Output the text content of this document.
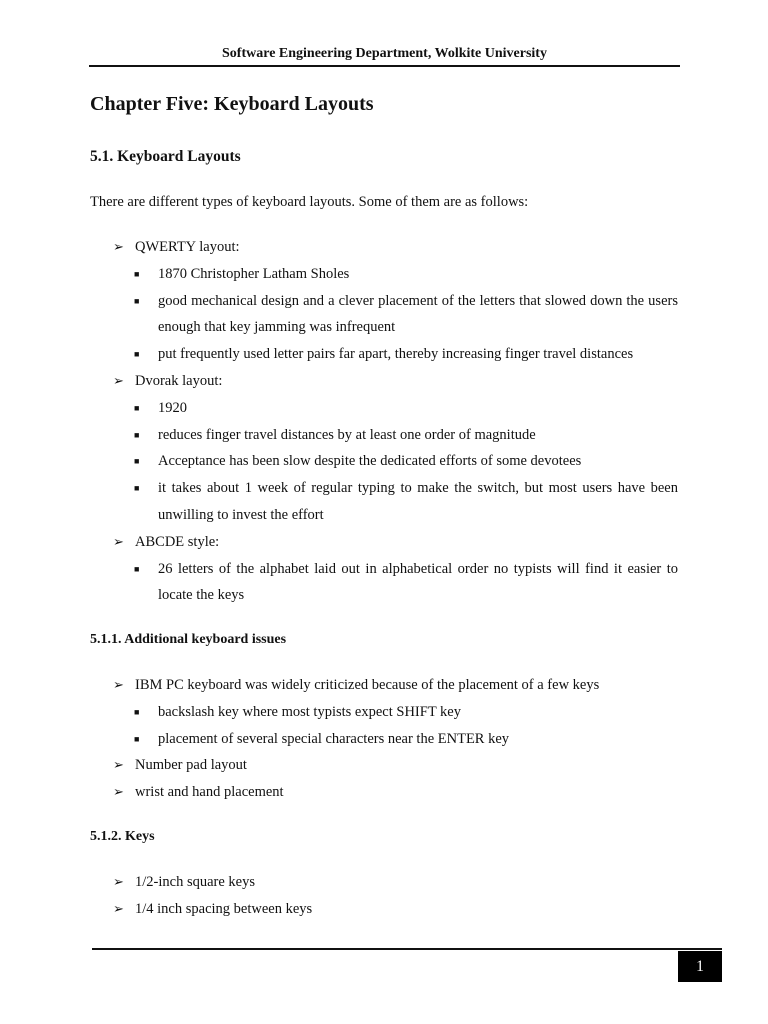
Software Engineering Department, Wolkite University
Chapter Five: Keyboard Layouts
5.1. Keyboard Layouts

There are different types of keyboard layouts. Some of them are as follows:

➢ QWERTY layout:
■ 1870 Christopher Latham Sholes
■ good mechanical design and a clever placement of the letters that slowed down the users enough that key jamming was infrequent
■ put frequently used letter pairs far apart, thereby increasing finger travel distances
➢ Dvorak layout:
■ 1920
■ reduces finger travel distances by at least one order of magnitude
■ Acceptance has been slow despite the dedicated efforts of some devotees
■ it takes about 1 week of regular typing to make the switch, but most users have been unwilling to invest the effort
➢ ABCDE style:
■ 26 letters of the alphabet laid out in alphabetical order no typists will find it easier to locate the keys
5.1.1. Additional keyboard issues
➢ IBM PC keyboard was widely criticized because of the placement of a few keys
■ backslash key where most typists expect SHIFT key
■ placement of several special characters near the ENTER key
➢ Number pad layout
➢ wrist and hand placement
5.1.2. Keys
➢ 1/2-inch square keys
➢ 1/4 inch spacing between keys
1
